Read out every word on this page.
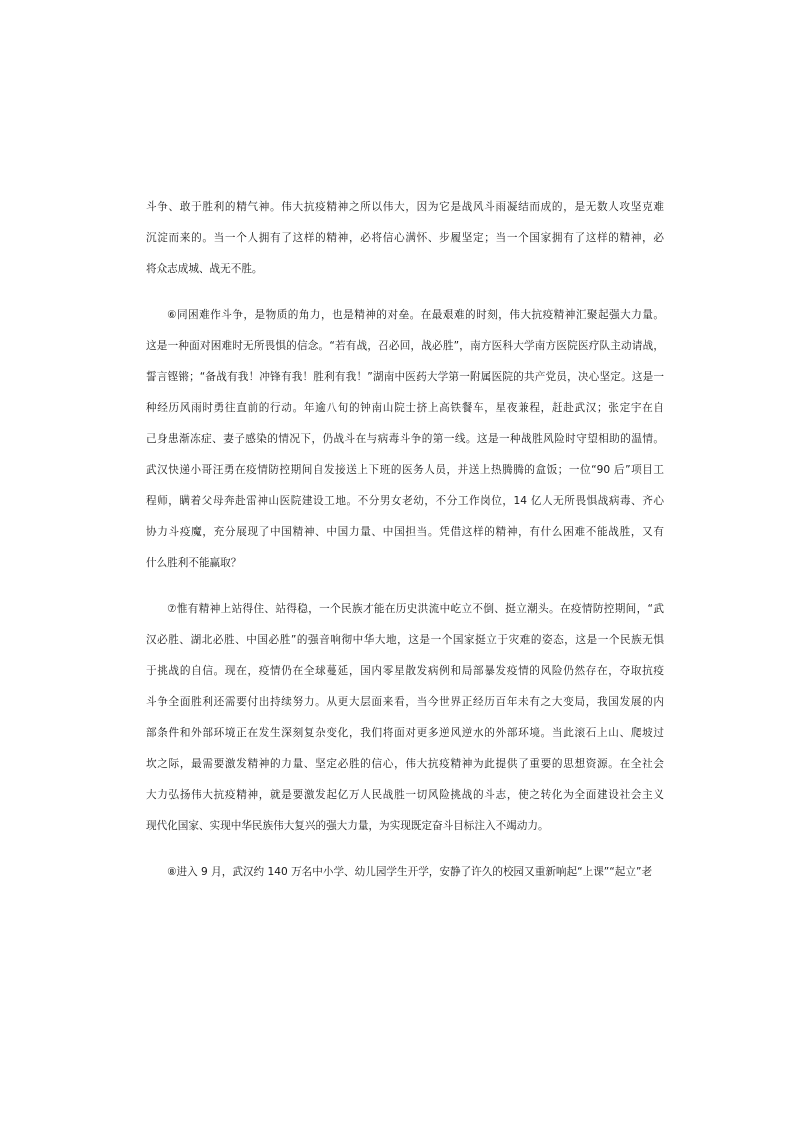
斗争、敢于胜利的精气神。伟大抗疫精神之所以伟大，因为它是战风斗雨凝结而成的，是无数人攻坚克难
沉淀而来的。当一个人拥有了这样的精神，必将信心满怀、步履坚定；当一个国家拥有了这样的精神，必
将众志成城、战无不胜。
⑥同困难作斗争，是物质的角力，也是精神的对垒。在最艰难的时刻，伟大抗疫精神汇聚起强大力量。
这是一种面对困难时无所畏惧的信念。“若有战，召必回，战必胜”，南方医科大学南方医院医疗队主动请战，
誓言铿锵；“备战有我！冲锋有我！胜利有我！”湖南中医药大学第一附属医院的共产党员，决心坚定。这是一
种经历风雨时勇往直前的行动。年逾八旬的钟南山院士挤上高铁餐车，星夜兼程，赶赴武汉；张定宇在自
己身患渐冻症、妻子感染的情况下，仍战斗在与病毒斗争的第一线。这是一种战胜风险时守望相助的温情。
武汉快递小哥汪勇在疫情防控期间自发接送上下班的医务人员，并送上热腾腾的盒饭；一位“90 后”项目工
程师，瞒着父母奔赴雷神山医院建设工地。不分男女老幼，不分工作岗位，14 亿人无所畏惧战病毒、齐心
协力斗疫魔，充分展现了中国精神、中国力量、中国担当。凭借这样的精神，有什么困难不能战胜，又有
什么胜利不能赢取？
⑦惟有精神上站得住、站得稳，一个民族才能在历史洪流中屹立不倒、挺立潮头。在疫情防控期间，“武
汉必胜、湖北必胜、中国必胜”的强音响彻中华大地，这是一个国家挺立于灾难的姿态，这是一个民族无惧
于挑战的自信。现在，疫情仍在全球蔓延，国内零星散发病例和局部暴发疫情的风险仍然存在，夺取抗疫
斗争全面胜利还需要付出持续努力。从更大层面来看，当今世界正经历百年未有之大变局，我国发展的内
部条件和外部环境正在发生深刻复杂变化，我们将面对更多逆风逆水的外部环境。当此滚石上山、爬坡过
坎之际，最需要激发精神的力量、坚定必胜的信心，伟大抗疫精神为此提供了重要的思想资源。在全社会
大力弘扬伟大抗疫精神，就是要激发起亿万人民战胜一切风险挑战的斗志，使之转化为全面建设社会主义
现代化国家、实现中华民族伟大复兴的强大力量，为实现既定奋斗目标注入不竭动力。
⑧进入 9 月，武汉约 140 万名中小学、幼儿园学生开学，安静了许久的校园又重新响起“上课”“起立”老
